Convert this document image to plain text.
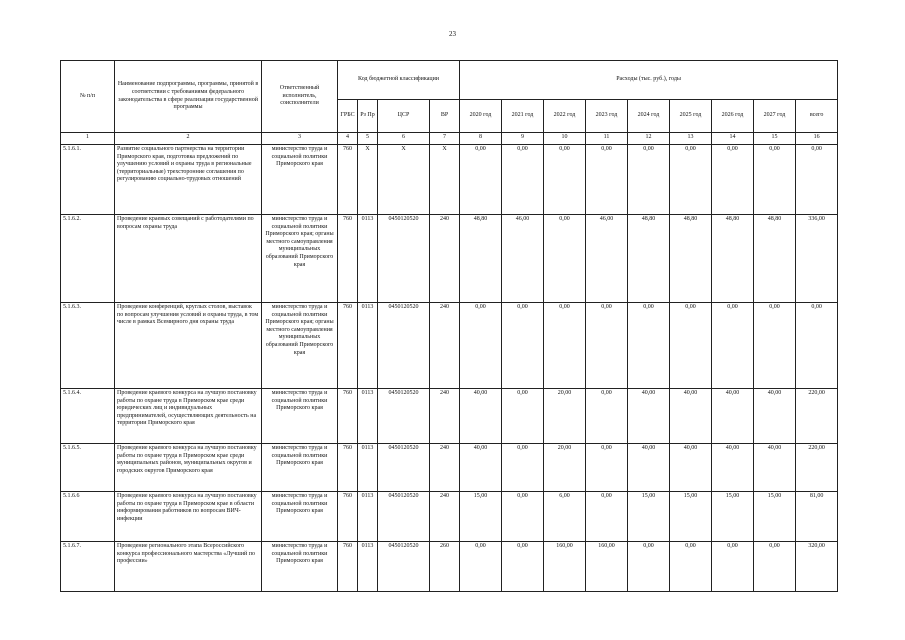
23
№ п/п	Наименование подпрограммы, программы, принятой в соответствии с требованиями федерального законодательства в сфере реализации государственной программы	Ответственный исполнитель, соисполнители	Код бюджетной классификации				Расходы (тыс. руб.), годы								
			ГРБС	Рз Пр	ЦСР	ВР	2020 год	2021 год	2022 год	2023 год	2024 год	2025 год	2026 год	2027 год	всего
1	2	3	4	5	6	7	8	9	10	11	12	13	14	15	16
5.1.6.1.	Развитие социального партнерства на территории Приморского края, подготовка предложений по улучшению условий и охраны труда в региональные (территориальные) трехсторонние соглашения по регулированию социально-трудовых отношений	министерство труда и социальной политики Приморского края	760	X	X	X	0,00	0,00	0,00	0,00	0,00	0,00	0,00	0,00	0,00
5.1.6.2.	Проведение краевых совещаний с работодателями по вопросам охраны труда	министерство труда и социальной политики Приморского края; органы местного самоуправления муниципальных образований Приморского края	760	0113	0450120520	240	48,80	46,00	0,00	46,00	48,80	48,80	48,80	48,80	336,00
5.1.6.3.	Проведение конференций, круглых столов, выставок по вопросам улучшения условий и охраны труда, в том числе в рамках Всемирного дня охраны труда	министерство труда и социальной политики Приморского края; органы местного самоуправления муниципальных образований Приморского края	760	0113	0450120520	240	0,00	0,00	0,00	0,00	0,00	0,00	0,00	0,00	0,00
5.1.6.4.	Проведение краевого конкурса на лучшую постановку работы по охране труда в Приморском крае среди юридических лиц и индивидуальных предпринимателей, осуществляющих деятельность на территории Приморского края	министерство труда и социальной политики Приморского края	760	0113	0450120520	240	40,00	0,00	20,00	0,00	40,00	40,00	40,00	40,00	220,00
5.1.6.5.	Проведение краевого конкурса на лучшую постановку работы по охране труда в Приморском крае среди муниципальных районов, муниципальных округов и городских округов Приморского края	министерство труда и социальной политики Приморского края	760	0113	0450120520	240	40,00	0,00	20,00	0,00	40,00	40,00	40,00	40,00	220,00
5.1.6.6	Проведение краевого конкурса на лучшую постановку работы по охране труда в Приморском крае в области информирования работников по вопросам ВИЧ-инфекции	министерство труда и социальной политики Приморского края	760	0113	0450120520	240	15,00	0,00	6,00	0,00	15,00	15,00	15,00	15,00	81,00
5.1.6.7.	Проведение регионального этапа Всероссийского конкурса профессионального мастерства «Лучший по профессии»	министерство труда и социальной политики Приморского края	760	0113	0450120520	260	0,00	0,00	160,00	160,00	0,00	0,00	0,00	0,00	320,00
